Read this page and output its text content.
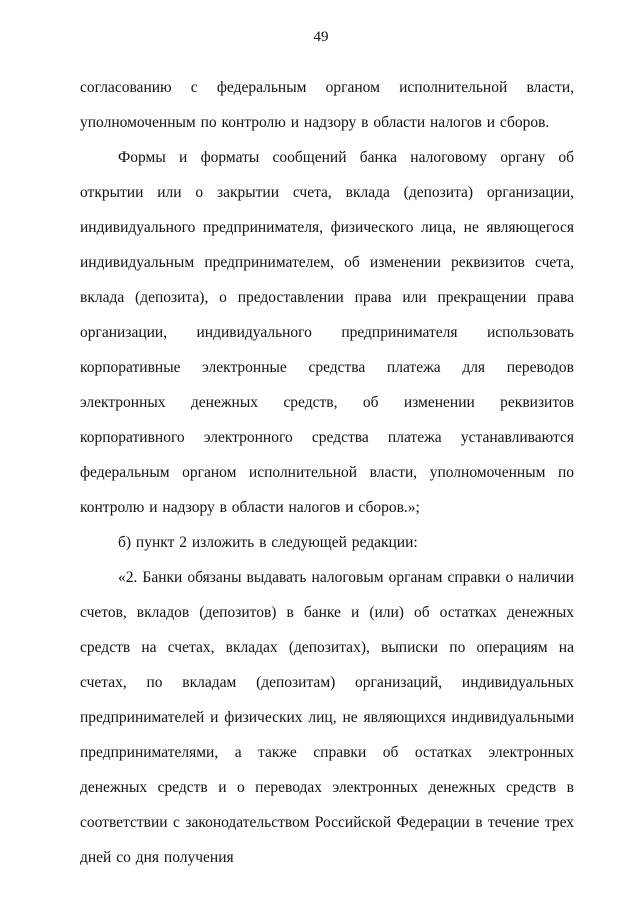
49

согласованию с федеральным органом исполнительной власти, уполномоченным по контролю и надзору в области налогов и сборов.

Формы и форматы сообщений банка налоговому органу об открытии или о закрытии счета, вклада (депозита) организации, индивидуального предпринимателя, физического лица, не являющегося индивидуальным предпринимателем, об изменении реквизитов счета, вклада (депозита), о предоставлении права или прекращении права организации, индивидуального предпринимателя использовать корпоративные электронные средства платежа для переводов электронных денежных средств, об изменении реквизитов корпоративного электронного средства платежа устанавливаются федеральным органом исполнительной власти, уполномоченным по контролю и надзору в области налогов и сборов.»;

б) пункт 2 изложить в следующей редакции:

«2. Банки обязаны выдавать налоговым органам справки о наличии счетов, вкладов (депозитов) в банке и (или) об остатках денежных средств на счетах, вкладах (депозитах), выписки по операциям на счетах, по вкладам (депозитам) организаций, индивидуальных предпринимателей и физических лиц, не являющихся индивидуальными предпринимателями, а также справки об остатках электронных денежных средств и о переводах электронных денежных средств в соответствии с законодательством Российской Федерации в течение трех дней со дня получения
